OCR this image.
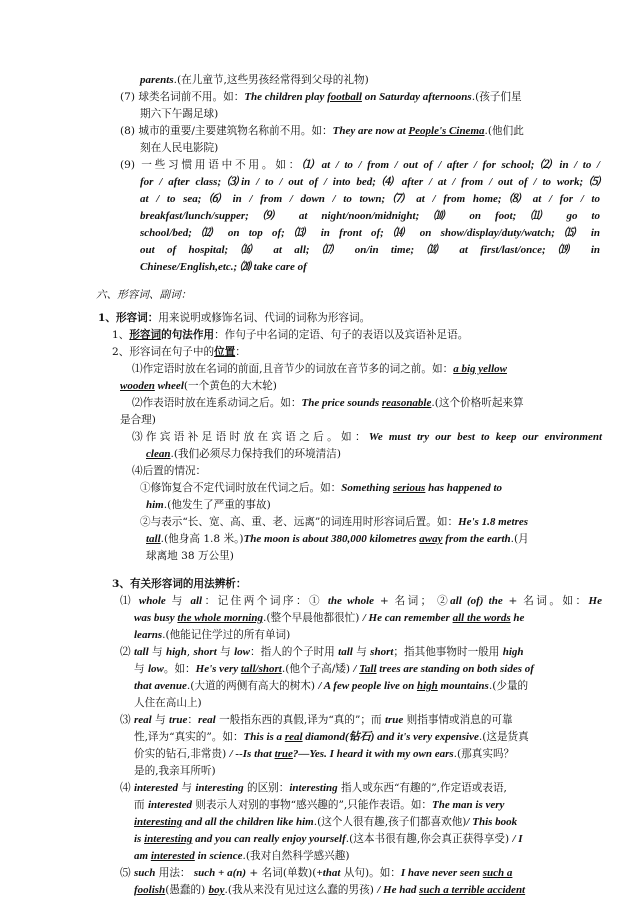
parents.(在儿童节,这些男孩经常得到父母的礼物)
(7) 球类名词前不用。如：The children play football on Saturday afternoons.(孩子们星
期六下午踢足球)
(8) 城市的重要/主要建筑物名称前不用。如：They are now at People's Cinema.(他们此
刻在人民电影院)
(9) 一些习惯用语中不用。如：⑴ at / to / from / out of / after / for school; ⑵ in / to /
for / after class; ⑶in / to / out of / into bed; ⑷ after / at / from / out of / to work; ⑸
at / to sea; ⑹ in / from / down / to town; ⑺ at / from home; ⑻ at / for / to
breakfast/lunch/supper; ⑼ at night/noon/midnight; ⑽ on foot; ⑾ go to
school/bed; ⑿ on top of; ⒀ in front of; ⒁ on show/display/duty/watch; ⒂ in
out of hospital; ⒃ at all; ⒄ on/in time; ⒅ at first/last/once; ⒆ in
Chinese/English,etc.; ⒇ take care of
六、形容词、副词：
1、形容词：用来说明或修饰名词、代词的词称为形容词。
1、形容词的句法作用：作句子中名词的定语、句子的表语以及宾语补足语。
2、形容词在句子中的位置：
⑴作定语时放在名词的前面,且音节少的词放在音节多的词之前。如：a big yellow
wooden wheel(一个黄色的大木轮)
⑵作表语时放在连系动词之后。如：The price sounds reasonable.(这个价格听起来算
是合理)
⑶作宾语补足语时放在宾语之后。如：We must try our best to keep our environment
clean.(我们必须尽力保持我们的环境清洁)
⑷后置的情况：
①修饰复合不定代词时放在代词之后。如：Something serious has happened to
him.(他发生了严重的事故)
②与表示“长、宽、高、重、老、远离”的词连用时形容词后置。如：He's 1.8 metres
tall.(他身高 1.8 米。)The moon is about 380,000 kilometres away from the earth.(月
球离地 38 万公里)
3、有关形容词的用法辨析：
⑴ whole 与 all：记住两个词序：① the whole + 名词； ②all (of) the + 名词。如：He
was busy the whole morning.(整个早晨他都很忙) / He can remember all the words he
learns.(他能记住学过的所有单词)
⑵ tall 与 high, short 与 low：指人的个子时用 tall 与 short；指其他事物时一般用 high
与 low。如：He's very tall/short.(他个子高/矮) / Tall trees are standing on both sides of
that avenue.(大道的两侧有高大的树木) / A few people live on high mountains.(少量的
人住在高山上)
⑶ real 与 true：real 一般指东西的真假,译为“真的”；而 true 则指事情或消息的可靠
性,译为“真实的”。如：This is a real diamond(钻石) and it's very expensive.(这是货真
价实的钻石,非常贵) / --Is that true?—Yes. I heard it with my own ears.(那真实吗？
是的,我亲耳所听)
⑷ interested 与 interesting 的区别：interesting 指人或东西“有趣的”,作定语或表语,
而 interested 则表示人对别的事物“感兴趣的”,只能作表语。如：The man is very
interesting and all the children like him.(这个人很有趣,孩子们都喜欢他)/ This book
is interesting and you can really enjoy yourself.(这本书很有趣,你会真正获得享受) / I
am interested in science.(我对自然科学感兴趣)
⑸ such 用法： such + a(n) + 名词(单数)(+that 从句)。如：I have never seen such a
foolish(愚蠢的) boy.(我从来没有见过这么蠢的男孩) / He had such a terrible accident
